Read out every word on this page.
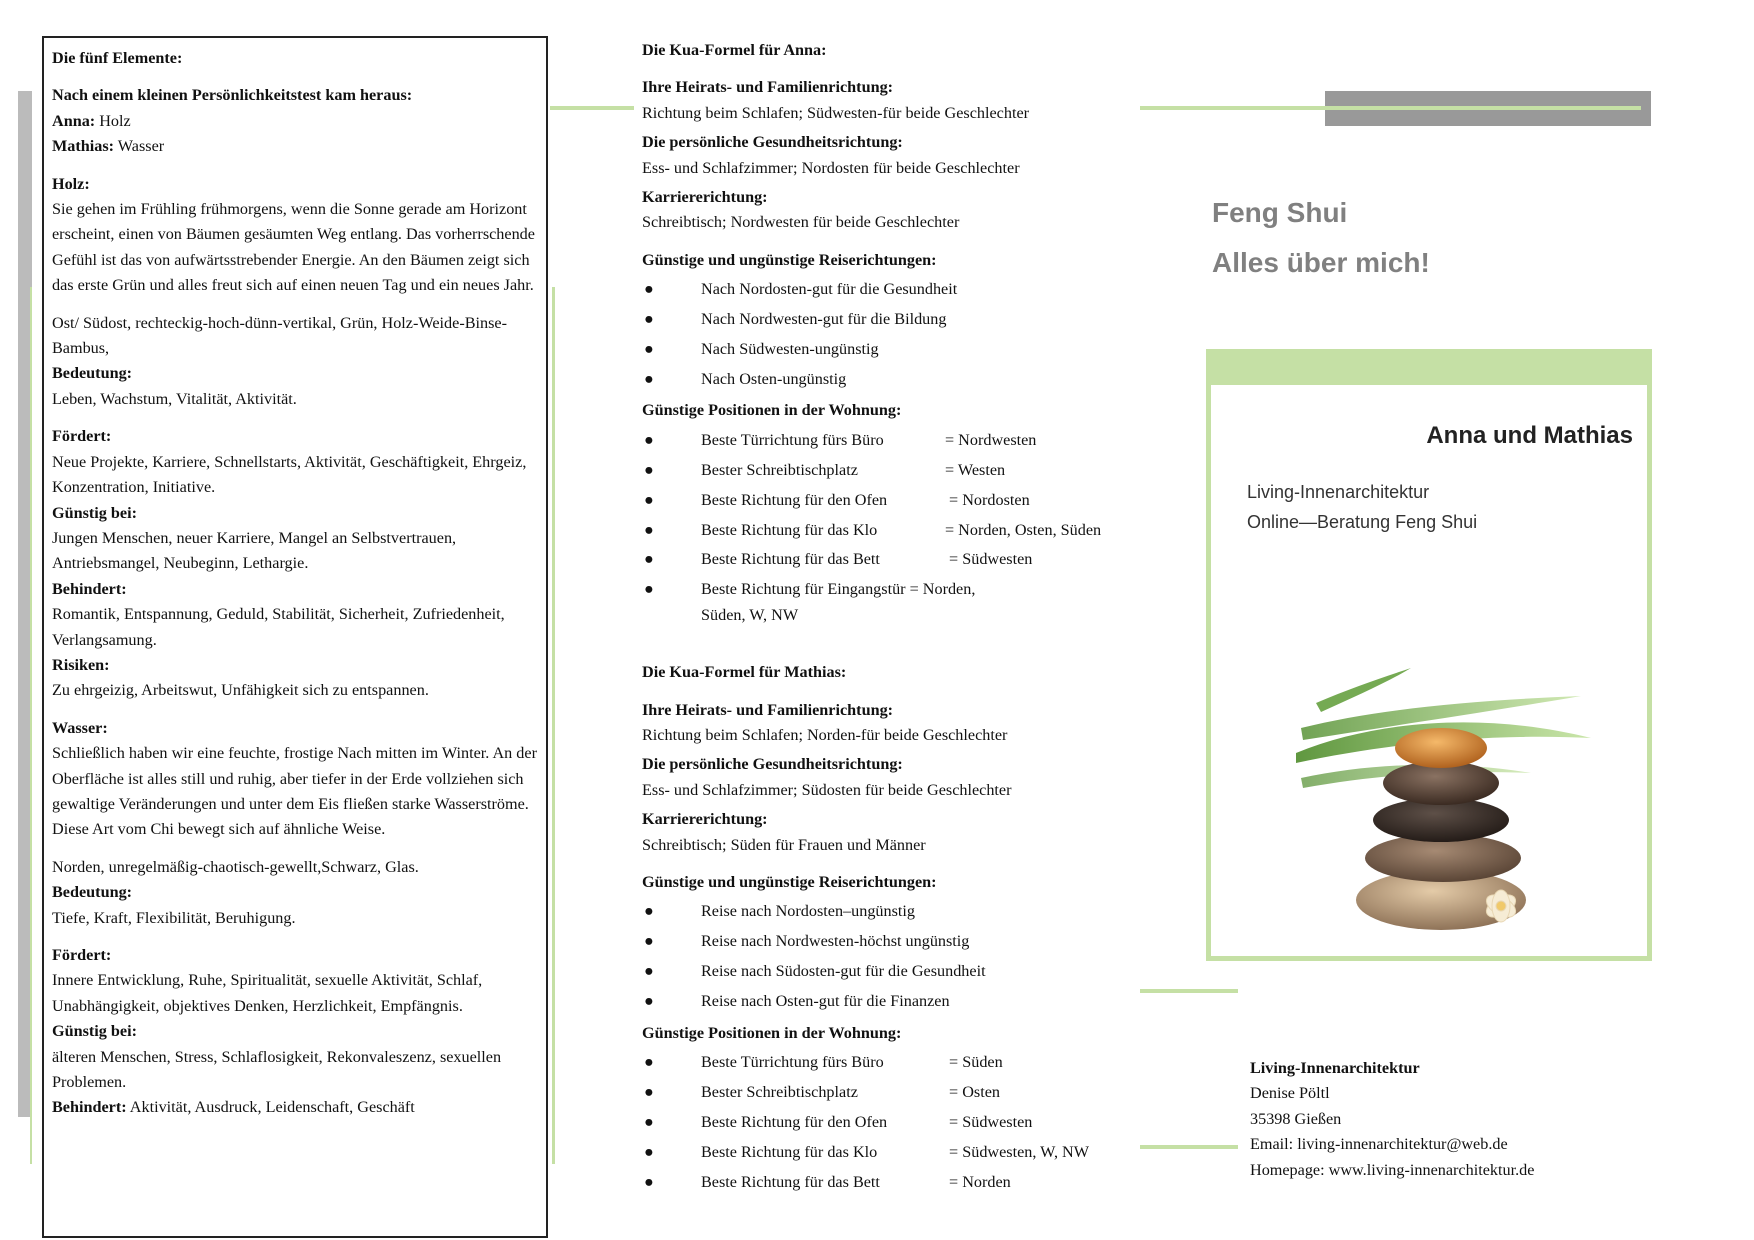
Die fünf Elemente:

Nach einem kleinen Persönlichkeitstest kam heraus:

Anna: Holz

Mathias: Wasser

Holz:

Sie gehen im Frühling frühmorgens, wenn die Sonne gerade am Horizont erscheint, einen von Bäumen gesäumten Weg entlang. Das vorherrschende Gefühl ist das von aufwärtsstrebender Energie. An den Bäumen zeigt sich das erste Grün und alles freut sich auf einen neuen Tag und ein neues Jahr.

Ost/ Südost, rechteckig-hoch-dünn-vertikal, Grün, Holz-Weide-Binse-Bambus,

Bedeutung:

Leben, Wachstum, Vitalität, Aktivität.

Fördert:

Neue Projekte, Karriere, Schnellstarts, Aktivität, Geschäftigkeit, Ehrgeiz, Konzentration, Initiative.

Günstig bei:

Jungen Menschen, neuer Karriere, Mangel an Selbstvertrauen, Antriebsmangel, Neubeginn, Lethargie.

Behindert:

Romantik, Entspannung, Geduld, Stabilität, Sicherheit, Zufriedenheit, Verlangsamung.

Risiken:

Zu ehrgeizig, Arbeitswut, Unfähigkeit sich zu entspannen.

Wasser:

Schließlich haben wir eine feuchte, frostige Nach mitten im Winter. An der Oberfläche ist alles still und ruhig, aber tiefer in der Erde vollziehen sich gewaltige Veränderungen und unter dem Eis fließen starke Wasserströme. Diese Art vom Chi bewegt sich auf ähnliche Weise.

Norden, unregelmäßig-chaotisch-gewellt,Schwarz, Glas.

Bedeutung:

Tiefe, Kraft, Flexibilität, Beruhigung.

Fördert:

Innere Entwicklung, Ruhe, Spiritualität, sexuelle Aktivität, Schlaf, Unabhängigkeit, objektives Denken, Herzlichkeit, Empfängnis.

Günstig bei:

älteren Menschen, Stress, Schlaflosigkeit, Rekonvaleszenz, sexuellen Problemen.

Behindert: Aktivität, Ausdruck, Leidenschaft, Geschäft

Die Kua-Formel für Anna:

Ihre Heirats- und Familienrichtung:

Richtung beim Schlafen; Südwesten-für beide Geschlechter

Die persönliche Gesundheitsrichtung:

Ess- und Schlafzimmer; Nordosten für beide Geschlechter

Karriererichtung:

Schreibtisch; Nordwesten für beide Geschlechter

Günstige und ungünstige Reiserichtungen:

●	Nach Nordosten-gut für die Gesundheit
●	Nach Nordwesten-gut für die Bildung
●	Nach Südwesten-ungünstig
●	Nach Osten-ungünstig

Günstige Positionen in der Wohnung:

●	Beste Türrichtung fürs Büro	= Nordwesten
●	Bester Schreibtischplatz	= Westen
●	Beste Richtung für den Ofen	= Nordosten
●	Beste Richtung für das Klo	= Norden, Osten, Süden
●	Beste Richtung für das Bett	= Südwesten
●	Beste Richtung für Eingangstür = Norden, Süden, W, NW

Die Kua-Formel für Mathias:

Ihre Heirats- und Familienrichtung:

Richtung beim Schlafen; Norden-für beide Geschlechter

Die persönliche Gesundheitsrichtung:

Ess- und Schlafzimmer; Südosten für beide Geschlechter

Karriererichtung:

Schreibtisch; Süden für Frauen und Männer

Günstige und ungünstige Reiserichtungen:

●	Reise nach Nordosten–ungünstig
●	Reise nach Nordwesten-höchst ungünstig
●	Reise nach Südosten-gut für die Gesundheit
●	Reise nach Osten-gut für die Finanzen

Günstige Positionen in der Wohnung:

●	Beste Türrichtung fürs Büro	= Süden
●	Bester Schreibtischplatz	= Osten
●	Beste Richtung für den Ofen	= Südwesten
●	Beste Richtung für das Klo	= Südwesten, W, NW
●	Beste Richtung für das Bett	= Norden
Feng Shui
Alles über mich!
Anna und Mathias
Living-Innenarchitektur
Online—Beratung Feng Shui

Living-Innenarchitektur

Denise Pöltl

35398 Gießen

Email: living-innenarchitektur@web.de

Homepage: www.living-innenarchitektur.de
